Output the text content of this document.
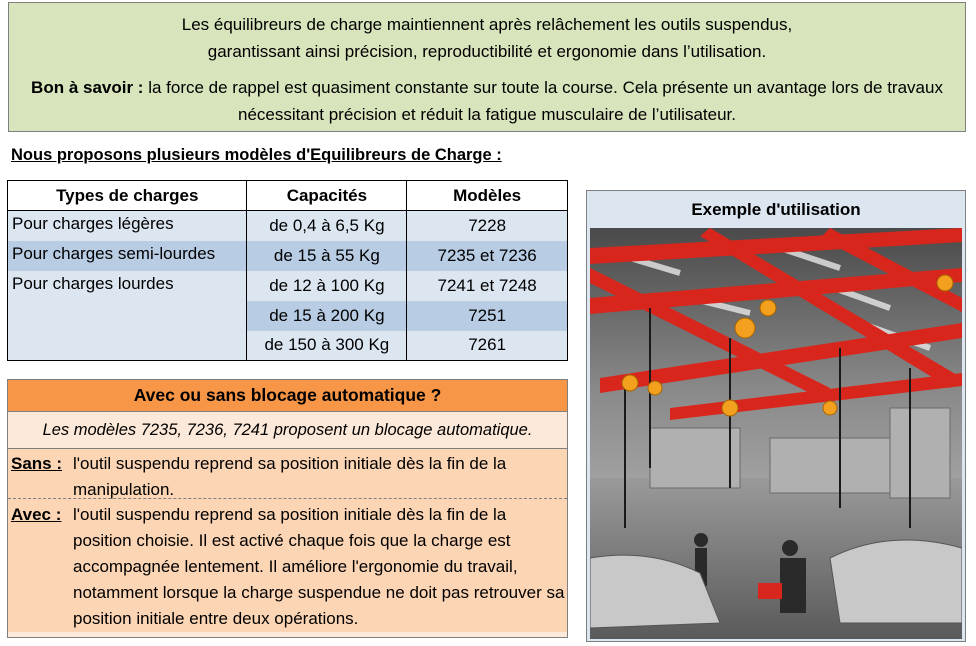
Les équilibreurs de charge maintiennent après relâchement les outils suspendus,

garantissant ainsi précision, reproductibilité et ergonomie dans l’utilisation.

Bon à savoir : la force de rappel est quasiment constante sur toute la course. Cela présente un avantage lors de travaux nécessitant précision et réduit la fatigue musculaire de l’utilisateur.

Nous proposons plusieurs modèles d'Equilibreurs de Charge :
Types de charges	Capacités	Modèles
Pour charges légères	de 0,4 à 6,5 Kg	7228
Pour charges semi-lourdes	de 15 à 55 Kg	7235 et 7236
Pour charges lourdes	de 12 à 100 Kg	7241 et 7248
	de 15 à 200 Kg	7251
	de 150 à 300 Kg	7261
Avec ou sans blocage automatique ?
Les modèles 7235, 7236, 7241 proposent un blocage automatique.
Sans : l'outil suspendu reprend sa position initiale dès la fin de la manipulation.
Avec : l'outil suspendu reprend sa position initiale dès la fin de la position choisie. Il est activé chaque fois que la charge est accompagnée lentement. Il améliore l'ergonomie du travail, notamment lorsque la charge suspendue ne doit pas retrouver sa position initiale entre deux opérations.
Exemple d'utilisation
